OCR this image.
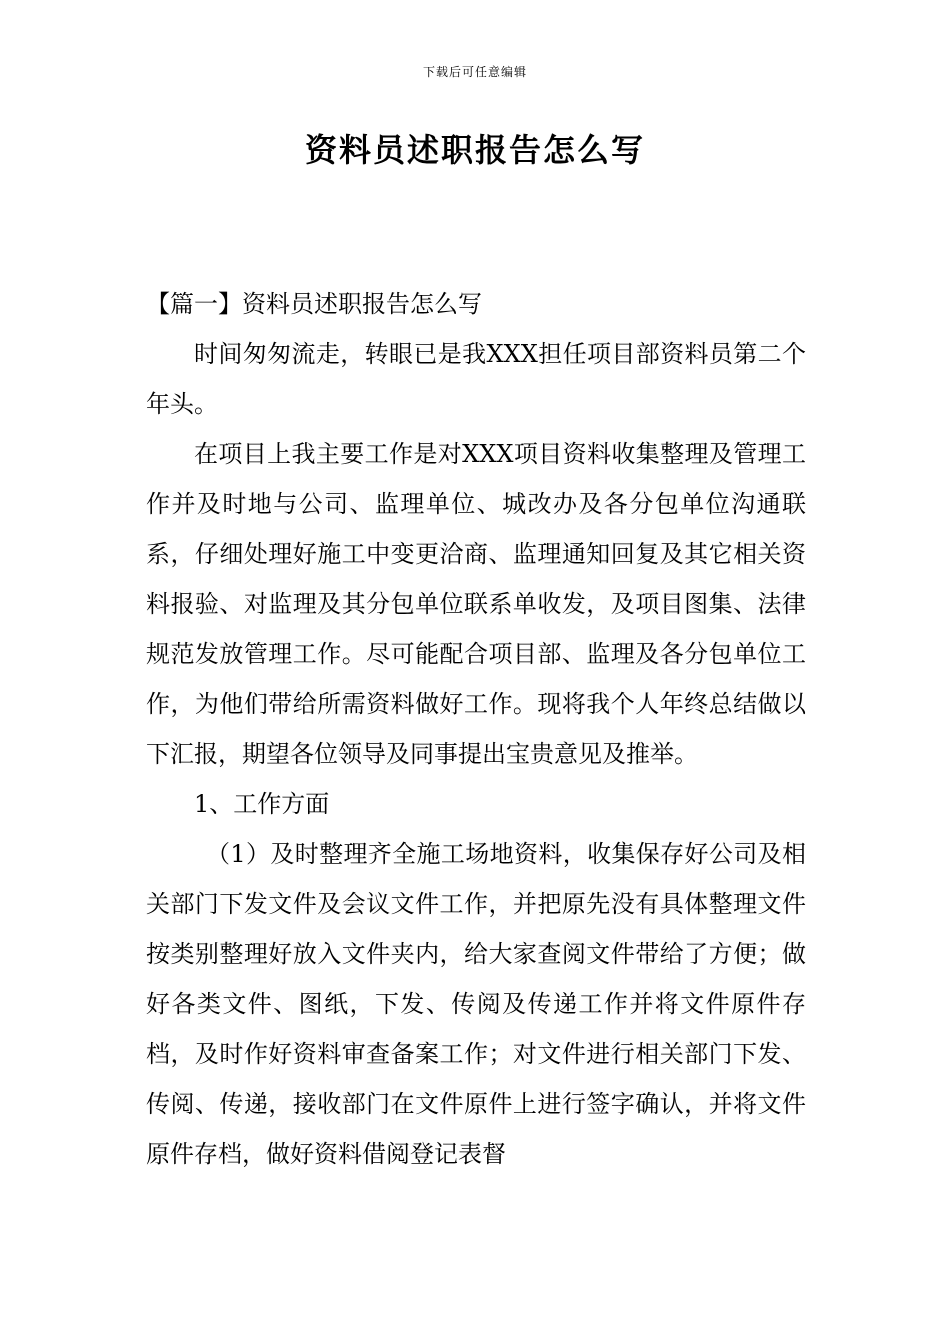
下载后可任意编辑
资料员述职报告怎么写

【篇一】资料员述职报告怎么写

时间匆匆流走，转眼已是我XXX担任项目部资料员第二个年头。

在项目上我主要工作是对XXX项目资料收集整理及管理工作并及时地与公司、监理单位、城改办及各分包单位沟通联系，仔细处理好施工中变更洽商、监理通知回复及其它相关资料报验、对监理及其分包单位联系单收发，及项目图集、法律规范发放管理工作。尽可能配合项目部、监理及各分包单位工作，为他们带给所需资料做好工作。现将我个人年终总结做以下汇报，期望各位领导及同事提出宝贵意见及推举。

1、工作方面

（1）及时整理齐全施工场地资料，收集保存好公司及相关部门下发文件及会议文件工作，并把原先没有具体整理文件按类别整理好放入文件夹内，给大家查阅文件带给了方便；做好各类文件、图纸，下发、传阅及传递工作并将文件原件存档，及时作好资料审查备案工作；对文件进行相关部门下发、传阅、传递，接收部门在文件原件上进行签字确认，并将文件原件存档，做好资料借阅登记表督
